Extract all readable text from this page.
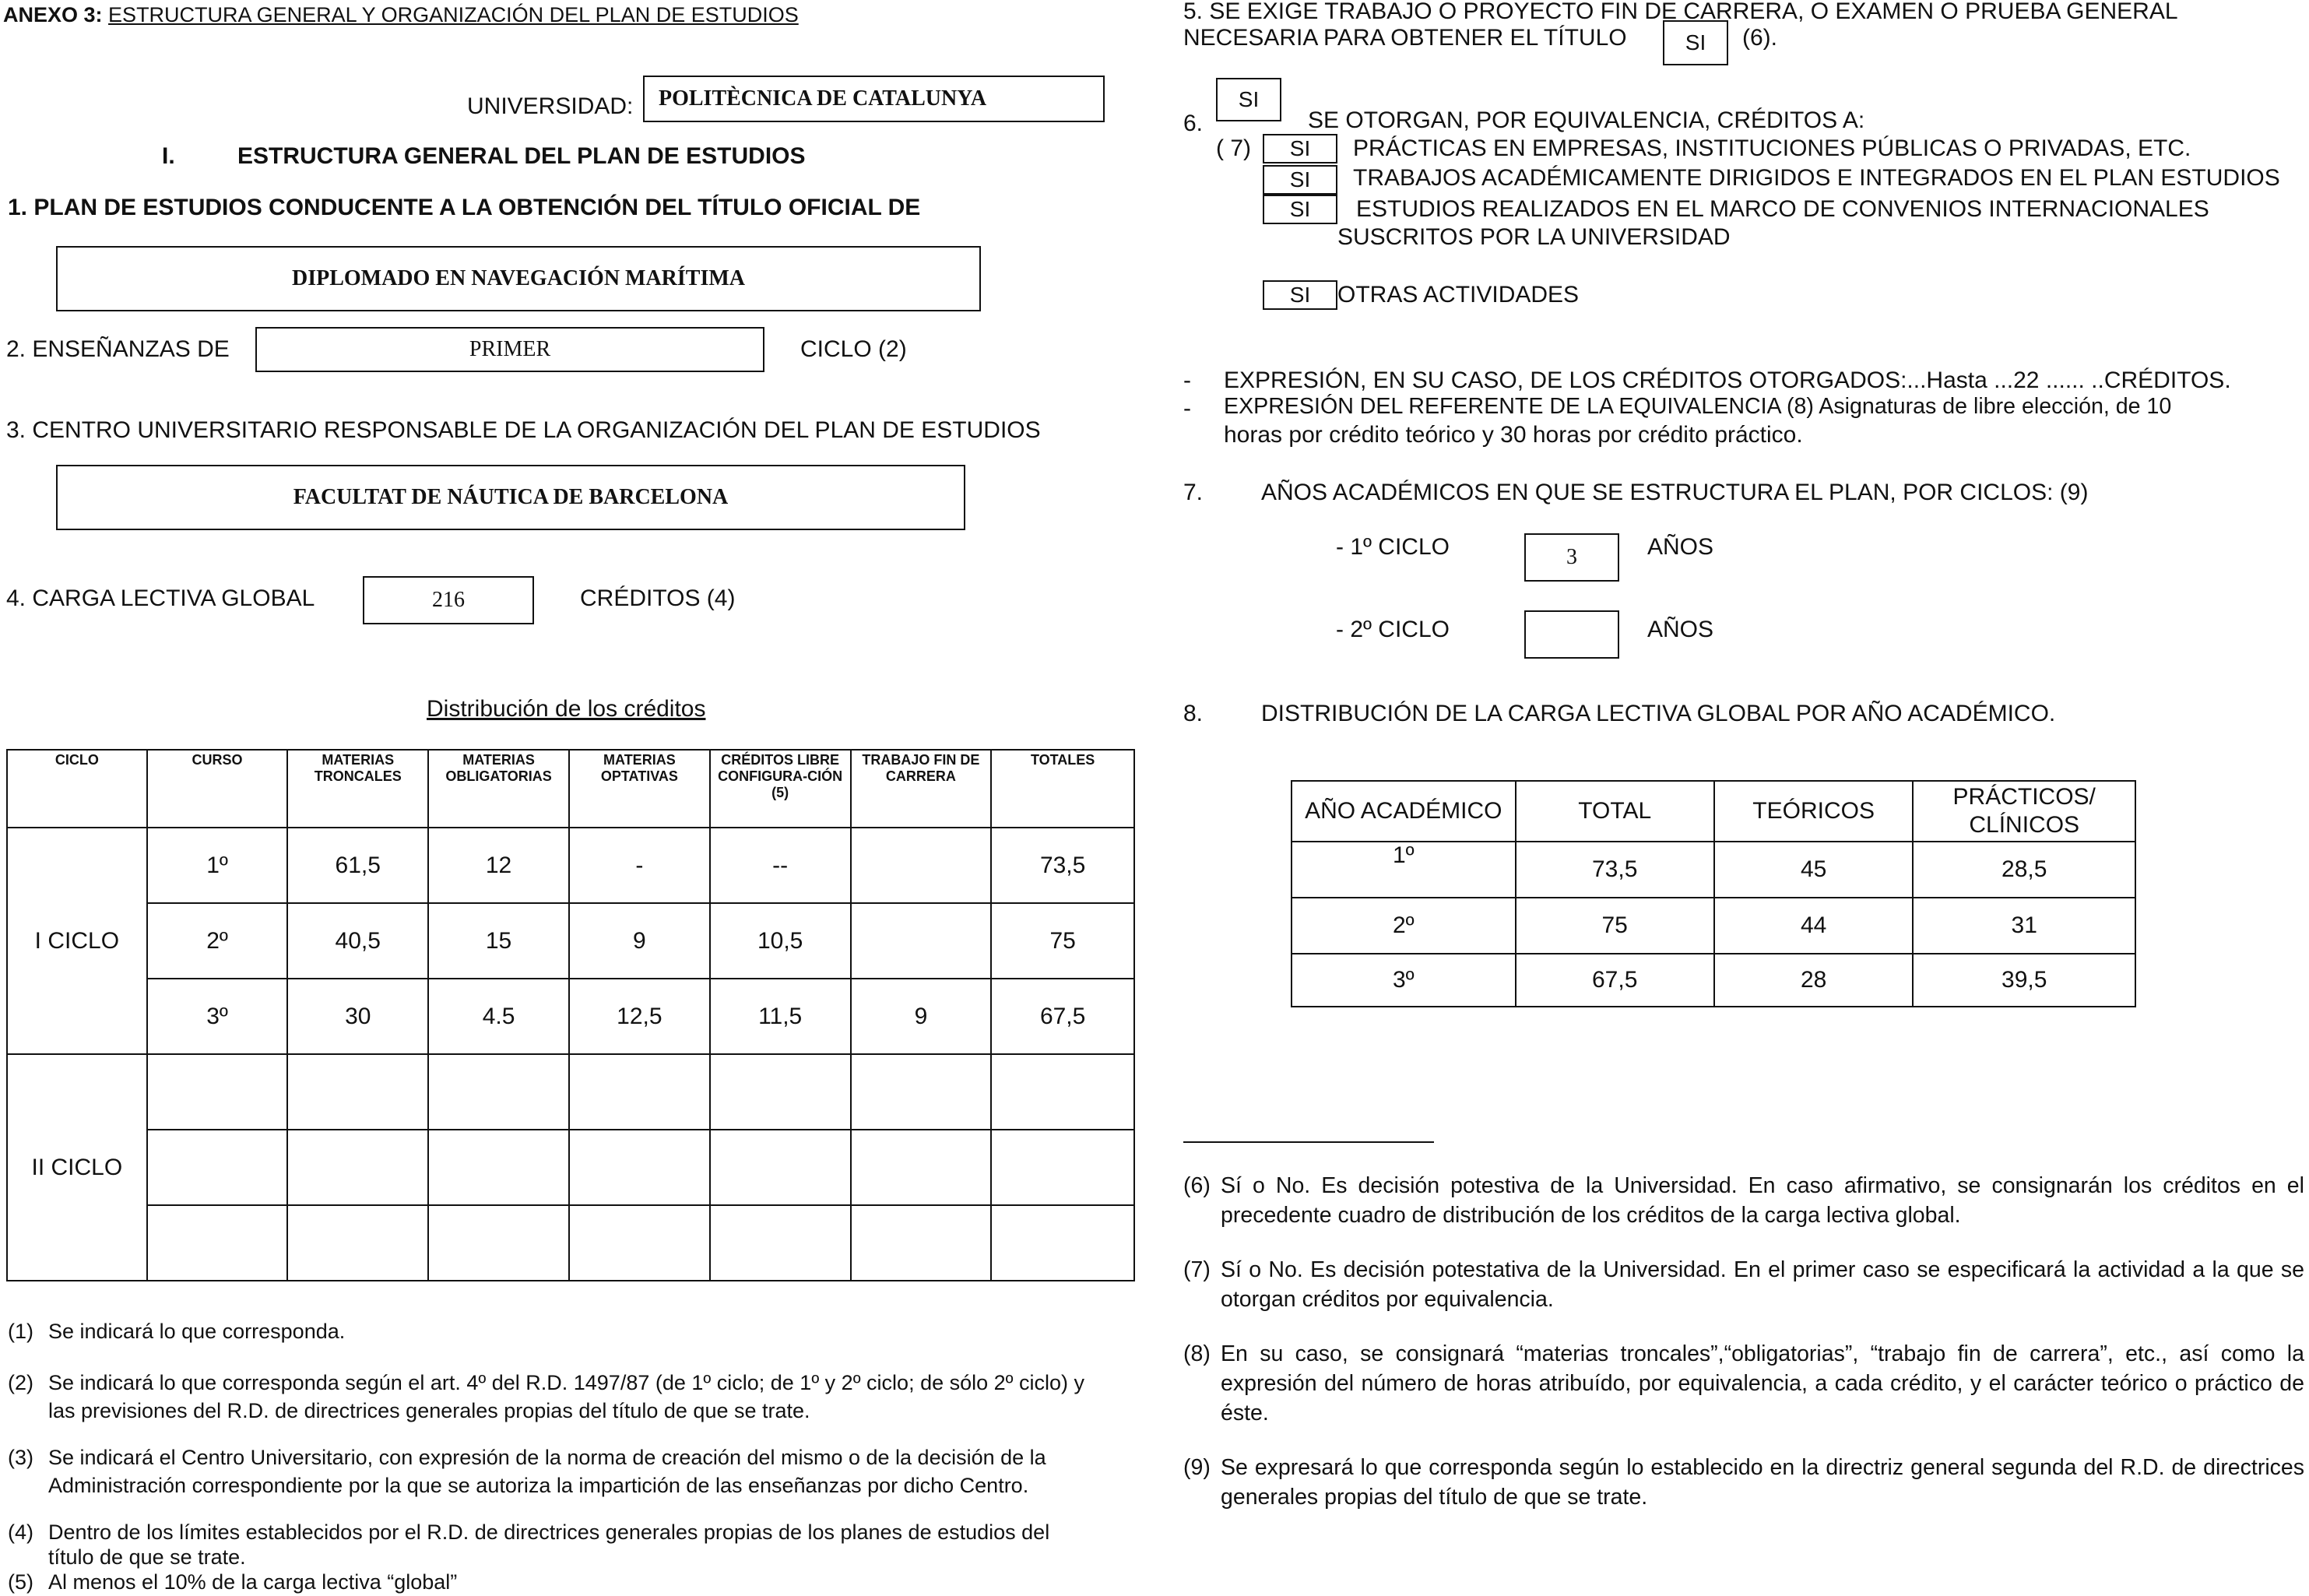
ANEXO 3: ESTRUCTURA GENERAL Y ORGANIZACIÓN DEL PLAN DE ESTUDIOS
UNIVERSIDAD:	POLITÈCNICA DE CATALUNYA
I.	ESTRUCTURA GENERAL DEL PLAN DE ESTUDIOS
1. PLAN DE ESTUDIOS CONDUCENTE A LA OBTENCIÓN DEL TÍTULO OFICIAL DE
DIPLOMADO EN NAVEGACIÓN MARÍTIMA
2. ENSEÑANZAS DE	PRIMER	CICLO (2)
3. CENTRO UNIVERSITARIO RESPONSABLE DE LA ORGANIZACIÓN DEL PLAN DE ESTUDIOS
FACULTAT DE NÁUTICA DE BARCELONA
4. CARGA LECTIVA GLOBAL	216	CRÉDITOS (4)
Distribución de los créditos
CICLO	CURSO	MATERIAS TRONCALES	MATERIAS OBLIGATORIAS	MATERIAS OPTATIVAS	CRÉDITOS LIBRE CONFIGURA-CIÓN (5)	TRABAJO FIN DE CARRERA	TOTALES
I CICLO	1º	61,5	12	-	--		73,5
	2º	40,5	15	9	10,5		75
	3º	30	4.5	12,5	11,5	9	67,5
II CICLO							

(1) Se indicará lo que corresponda.
(2) Se indicará lo que corresponda según el art. 4º del R.D. 1497/87 (de 1º ciclo; de 1º y 2º ciclo; de sólo 2º ciclo) y
las previsiones del R.D. de directrices generales propias del título de que se trate.
(3) Se indicará el Centro Universitario, con expresión de la norma de creación del mismo o de la decisión de la
Administración correspondiente por la que se autoriza la impartición de las enseñanzas por dicho Centro.
(4) Dentro de los límites establecidos por el R.D. de directrices generales propias de los planes de estudios del
título de que se trate.
(5) Al menos el 10% de la carga lectiva “global”
5. SE EXIGE TRABAJO O PROYECTO FIN DE CARRERA, O EXAMEN O PRUEBA GENERAL
NECESARIA PARA OBTENER EL TÍTULO	SI	(6).
6.
SI
SE OTORGAN, POR EQUIVALENCIA, CRÉDITOS A:
( 7)	SI	PRÁCTICAS EN EMPRESAS, INSTITUCIONES PÚBLICAS O PRIVADAS, ETC.
SI	TRABAJOS ACADÉMICAMENTE DIRIGIDOS E INTEGRADOS EN EL PLAN ESTUDIOS
SI	ESTUDIOS REALIZADOS EN EL MARCO DE CONVENIOS INTERNACIONALES
SUSCRITOS POR LA UNIVERSIDAD
SI	OTRAS ACTIVIDADES
- EXPRESIÓN, EN SU CASO, DE LOS CRÉDITOS OTORGADOS:...Hasta ...22 ...... ..CRÉDITOS.
- EXPRESIÓN DEL REFERENTE DE LA EQUIVALENCIA (8) Asignaturas de libre elección, de 10
horas por crédito teórico y 30 horas por crédito práctico.
7. AÑOS ACADÉMICOS EN QUE SE ESTRUCTURA EL PLAN, POR CICLOS: (9)
- 1º CICLO	3	AÑOS
- 2º CICLO	AÑOS
8. DISTRIBUCIÓN DE LA CARGA LECTIVA GLOBAL POR AÑO ACADÉMICO.
AÑO ACADÉMICO	TOTAL	TEÓRICOS	PRÁCTICOS/
CLÍNICOS

1º	73,5	45	28,5
2º	75	44	31
3º	67,5	28	39,5
(6) Sí o No. Es decisión potestiva de la Universidad. En caso afirmativo, se consignarán los créditos en el precedente cuadro de distribución de los créditos de la carga lectiva global.
(7) Sí o No. Es decisión potestativa de la Universidad. En el primer caso se especificará la actividad a la que se otorgan créditos por equivalencia.
(8) En su caso, se consignará “materias troncales”,“obligatorias”, “trabajo fin de carrera”, etc., así como la expresión del número de horas atribuído, por equivalencia, a cada crédito, y el carácter teórico o práctico de éste.
(9) Se expresará lo que corresponda según lo establecido en la directriz general segunda del R.D. de directrices generales propias del título de que se trate.
